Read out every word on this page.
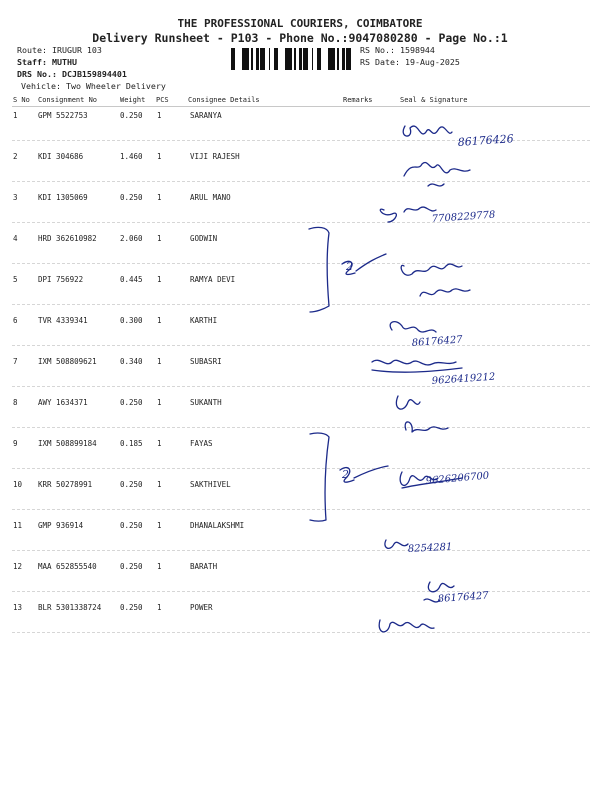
THE PROFESSIONAL COURIERS, COIMBATORE
Delivery Runsheet - P103 - Phone No.:9047080280 - Page No.:1
Route: IRUGUR 103
Staff: MUTHU
DRS No.: DCJB159894401
Vehicle: Two Wheeler Delivery
RS No.: 1598944
RS Date: 19-Aug-2025
S No Consignment No	Weight PCS	Consignee Details	Remarks	Seal & Signature
1	GPM 5522753	0.250 1	SARANYA
2	KDI 304686	1.460 1	VIJI RAJESH
3	KDI 1305069	0.250 1	ARUL MANO
4	HRD 362610982	2.060 1	GODWIN
5	DPI 756922	0.445 1	RAMYA DEVI
6	TVR 4339341	0.300 1	KARTHI
7	IXM 508809621	0.340 1	SUBASRI
8	AWY 1634371	0.250 1	SUKANTH
9	IXM 508899184	0.185 1	FAYAS
10 KRR 50278991	0.250 1	SAKTHIVEL
11 GMP 936914	0.250 1	DHANALAKSHMI
12 MAA 652855540	0.250 1	BARATH
13 BLR 5301338724	0.250 1	POWER
2
2
86176426
7708229778
86176427
9626419212
9626206700
8254281
86176427
